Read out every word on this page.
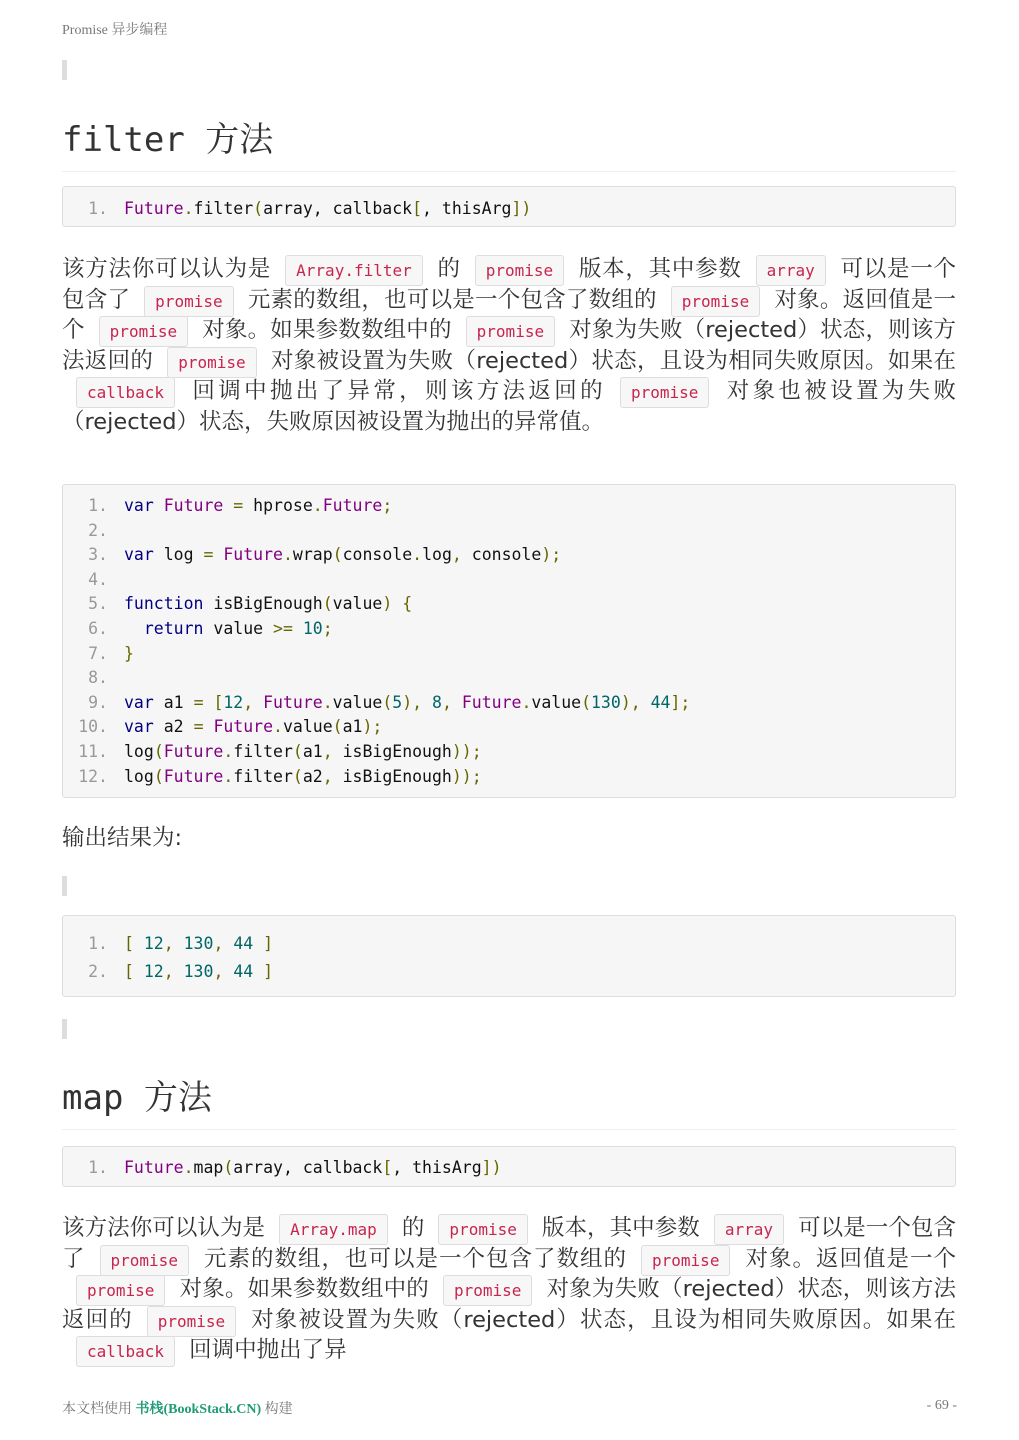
Promise 异步编程
filter 方法
1. Future.filter(array, callback[, thisArg])
该方法你可以认为是 Array.filter 的 promise 版本，其中参数 array 可以是一个包含了 promise 元素的数组，也可以是一个包含了数组的 promise 对象。返回值是一个 promise 对象。如果参数数组中的 promise 对象为失败（rejected）状态，则该方法返回的 promise 对象被设置为失败（rejected）状态，且设为相同失败原因。如果在callback 回调中抛出了异常，则该方法返回的 promise 对象也被设置为失败（rejected）状态，失败原因被设置为抛出的异常值。
1. var Future = hprose.Future;
2.
3. var log = Future.wrap(console.log, console);
4.
5. function isBigEnough(value) {
6. return value >= 10;
7. }
8.
9. var a1 = [12, Future.value(5), 8, Future.value(130), 44];
10. var a2 = Future.value(a1);
11. log(Future.filter(a1, isBigEnough));
12. log(Future.filter(a2, isBigEnough));
输出结果为:
1. [ 12, 130, 44 ]
2. [ 12, 130, 44 ]
map 方法
1. Future.map(array, callback[, thisArg])
该方法你可以认为是 Array.map 的 promise 版本，其中参数 array 可以是一个包含了 promise 元素的数组，也可以是一个包含了数组的 promise 对象。返回值是一个promise 对象。如果参数数组中的 promise 对象为失败（rejected）状态，则该方法返回的 promise 对象被设置为失败（rejected）状态，且设为相同失败原因。如果在callback 回调中抛出了异
本文档使用 书栈(BookStack.CN) 构建	- 69 -
